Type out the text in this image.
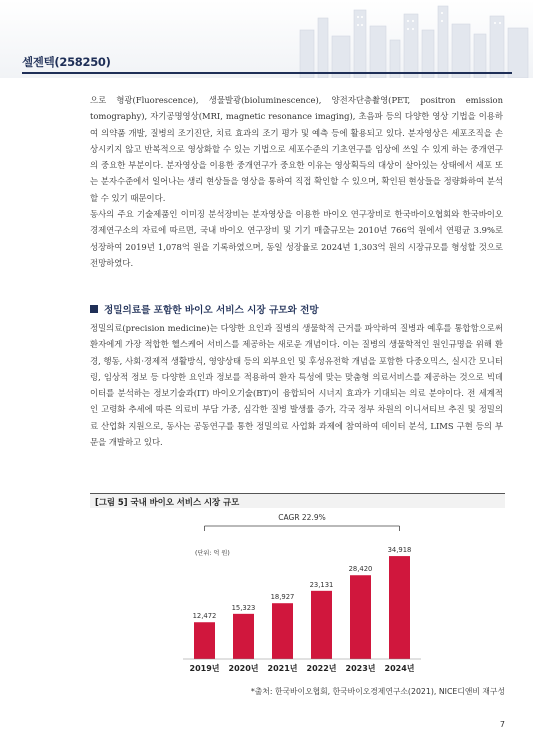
셀젠텍(258250)

으로 형광(Fluorescence), 생물발광(bioluminescence), 양전자단층촬영(PET, positron emission tomography), 자기공명영상(MRI, magnetic resonance imaging), 초음파 등의 다양한 영상 기법을 이용하여 의약품 개발, 질병의 조기진단, 치료 효과의 조기 평가 및 예측 등에 활용되고 있다. 분자영상은 세포조직을 손상시키지 않고 반복적으로 영상화할 수 있는 기법으로 세포수준의 기초연구를 임상에 쓰일 수 있게 하는 중개연구의 중요한 부분이다. 분자영상을 이용한 중개연구가 중요한 이유는 영상획득의 대상이 살아있는 상태에서 세포 또는 분자수준에서 일어나는 생리 현상들을 영상을 통하여 직접 확인할 수 있으며, 확인된 현상들을 정량화하여 분석할 수 있기 때문이다.

동사의 주요 기술제품인 이미징 분석장비는 분자영상을 이용한 바이오 연구장비로 한국바이오협회와 한국바이오경제연구소의 자료에 따르면, 국내 바이오 연구장비 및 기기 매출규모는 2010년 766억 원에서 연평균 3.9%로 성장하여 2019년 1,078억 원을 기록하였으며, 동일 성장율로 2024년 1,303억 원의 시장규모를 형성할 것으로 전망하였다.

정밀의료를 포함한 바이오 서비스 시장 규모와 전망

정밀의료(precision medicine)는 다양한 요인과 질병의 생물학적 근거를 파악하여 질병과 예후를 통합함으로써 환자에게 가장 적합한 헬스케어 서비스를 제공하는 새로운 개념이다. 이는 질병의 생물학적인 원인규명을 위해 환경, 행동, 사회·경제적 생활방식, 영양상태 등의 외부요인 및 후성유전학 개념을 포함한 다중오믹스, 실시간 모니터링, 임상적 정보 등 다양한 요인과 정보를 적용하여 환자 특성에 맞는 맞춤형 의료서비스를 제공하는 것으로 빅데이터를 분석하는 정보기술과(IT) 바이오기술(BT)이 융합되어 시너지 효과가 기대되는 의료 분야이다. 전 세계적인 고령화 추세에 따른 의료비 부담 가중, 심각한 질병 발생률 증가, 각국 정부 차원의 이니셔티브 추진 및 정밀의료 산업화 지원으로, 동사는 공동연구를 통한 정밀의료 사업화 과제에 참여하여 데이터 분석, LIMS 구현 등의 부문을 개발하고 있다.

[그림 5] 국내 바이오 서비스 시장 규모
CAGR 22.9%
(단위: 억 원)
12,472
2019년
15,323
2020년
18,927
2021년
23,131
2022년
28,420
2023년
34,918
2024년
*출처: 한국바이오협회, 한국바이오경제연구소(2021), NICE디앤비 재구성
7
